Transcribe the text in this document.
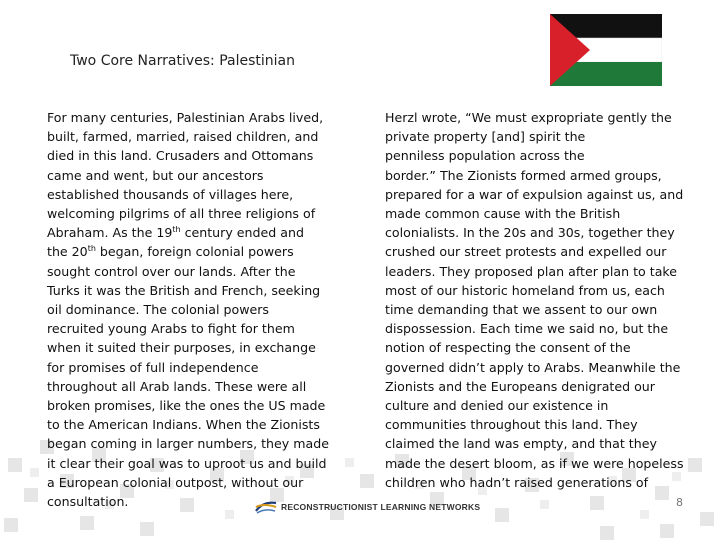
Two Core Narratives: Palestinian
For many centuries, Palestinian Arabs lived,
built, farmed, married, raised children, and
died in this land. Crusaders and Ottomans
came and went, but our ancestors
established thousands of villages here,
welcoming pilgrims of all three religions of
Abraham. As the 19th century ended and
the 20th began, foreign colonial powers
sought control over our lands. After the
Turks it was the British and French, seeking
oil dominance. The colonial powers
recruited young Arabs to fight for them
when it suited their purposes, in exchange
for promises of full independence
throughout all Arab lands. These were all
broken promises, like the ones the US made
to the American Indians. When the Zionists
began coming in larger numbers, they made
it clear their goal was to uproot us and build
a European colonial outpost, without our
consultation.
Herzl wrote, “We must expropriate gently the
private property [and] spirit the
penniless population across the
border.” The Zionists formed armed groups,
prepared for a war of expulsion against us, and
made common cause with the British
colonialists. In the 20s and 30s, together they
crushed our street protests and expelled our
leaders. They proposed plan after plan to take
most of our historic homeland from us, each
time demanding that we assent to our own
dispossession. Each time we said no, but the
notion of respecting the consent of the
governed didn’t apply to Arabs. Meanwhile the
Zionists and the Europeans denigrated our
culture and denied our existence in
communities throughout this land. They
claimed the land was empty, and that they
made the desert bloom, as if we were hopeless
children who hadn’t raised generations of
RECONSTRUCTIONIST LEARNING NETWORKS	8
